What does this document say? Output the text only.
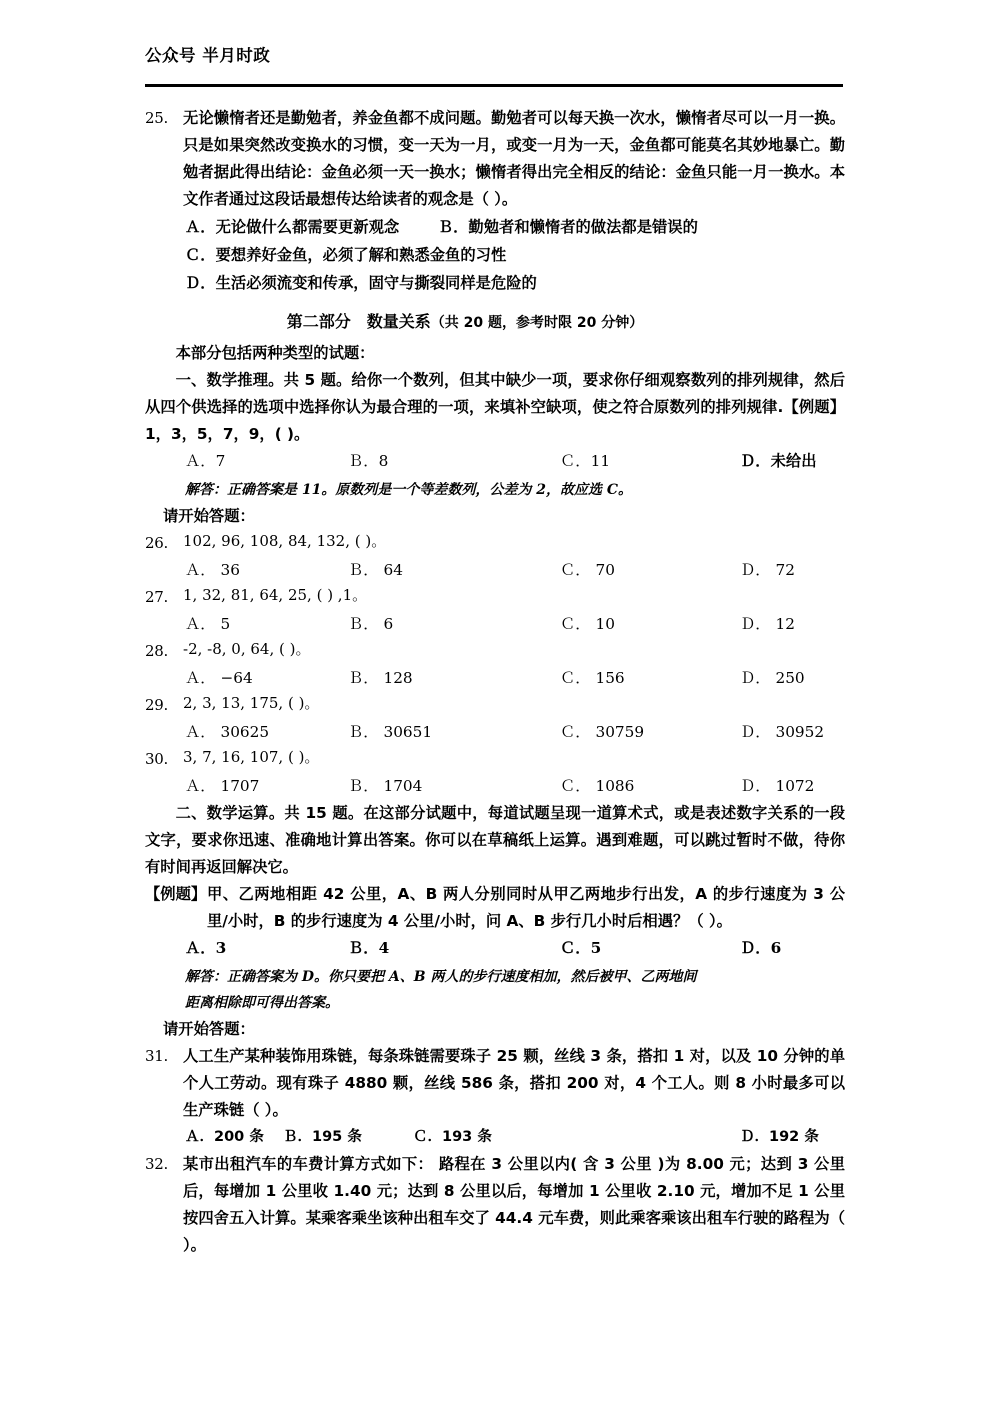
公众号 半月时政
25. 无论懒惰者还是勤勉者，养金鱼都不成问题。勤勉者可以每天换一次水，懒惰者尽可以一月一换。只是如果突然改变换水的习惯，变一天为一月，或变一月为一天，金鱼都可能莫名其妙地暴亡。勤勉者据此得出结论：金鱼必须一天一换水；懒惰者得出完全相反的结论：金鱼只能一月一换水。本文作者通过这段话最想传达给读者的观念是（ ）。
Ａ．无论做什么都需要更新观念	Ｂ．勤勉者和懒惰者的做法都是错误的
Ｃ．要想养好金鱼，必须了解和熟悉金鱼的习性
Ｄ．生活必须流变和传承，固守与撕裂同样是危险的
第二部分　数量关系（共 20 题，参考时限 20 分钟）
本部分包括两种类型的试题：
一、数学推理。共 5 题。给你一个数列，但其中缺少一项，要求你仔细观察数列的排列规律，然后从四个供选择的选项中选择你认为最合理的一项，来填补空缺项，使之符合原数列的排列规律.【例题】1，3，5，7，9，( )。
Ａ．7	Ｂ．8	Ｃ．11	Ｄ．未给出
解答：正确答案是 11。原数列是一个等差数列，公差为 2，故应选 C。
请开始答题：
26.	102, 96, 108, 84, 132, ( )。
Ａ． 36	Ｂ． 64	Ｃ． 70	Ｄ． 72
27.	1, 32, 81, 64, 25, ( ) ,1。
Ａ． 5	Ｂ． 6	Ｃ． 10	Ｄ． 12
28.	-2, -8, 0, 64, ( )。
Ａ． −64	Ｂ． 128	Ｃ． 156	Ｄ． 250
29.	2, 3, 13, 175, ( )。
Ａ． 30625	Ｂ． 30651	Ｃ． 30759	Ｄ． 30952
30.	3, 7, 16, 107, ( )。
Ａ． 1707	Ｂ． 1704	Ｃ． 1086	Ｄ． 1072
二、数学运算。共 15 题。在这部分试题中，每道试题呈现一道算术式，或是表述数字关系的一段文字，要求你迅速、准确地计算出答案。你可以在草稿纸上运算。遇到难题，可以跳过暂时不做，待你有时间再返回解决它。
【例题】 甲、乙两地相距 42 公里，A、B 两人分别同时从甲乙两地步行出发，A 的步行速度为 3 公里/小时，B 的步行速度为 4 公里/小时，问 A、B 步行几小时后相遇？（ ）。
Ａ．3	Ｂ．4	Ｃ．5	Ｄ．6
解答：正确答案为 D。你只要把 A、B 两人的步行速度相加，然后被甲、乙两地间
距离相除即可得出答案。
请开始答题：
31. 人工生产某种装饰用珠链，每条珠链需要珠子 25 颗，丝线 3 条，搭扣 1 对，以及 10 分钟的单个人工劳动。现有珠子 4880 颗，丝线 586 条，搭扣 200 对，4 个工人。则 8 小时最多可以生产珠链（ ）。
Ａ．200 条 Ｂ．195 条	Ｃ．193 条	Ｄ．192 条
32. 某市出租汽车的车费计算方式如下： 路程在 3 公里以内( 含 3 公里 )为 8.00 元；达到 3 公里后，每增加 1 公里收 1.40 元；达到 8 公里以后，每增加 1 公里收 2.10 元，增加不足 1 公里按四舍五入计算。某乘客乘坐该种出租车交了 44.4 元车费，则此乘客乘该出租车行驶的路程为（ ）。
